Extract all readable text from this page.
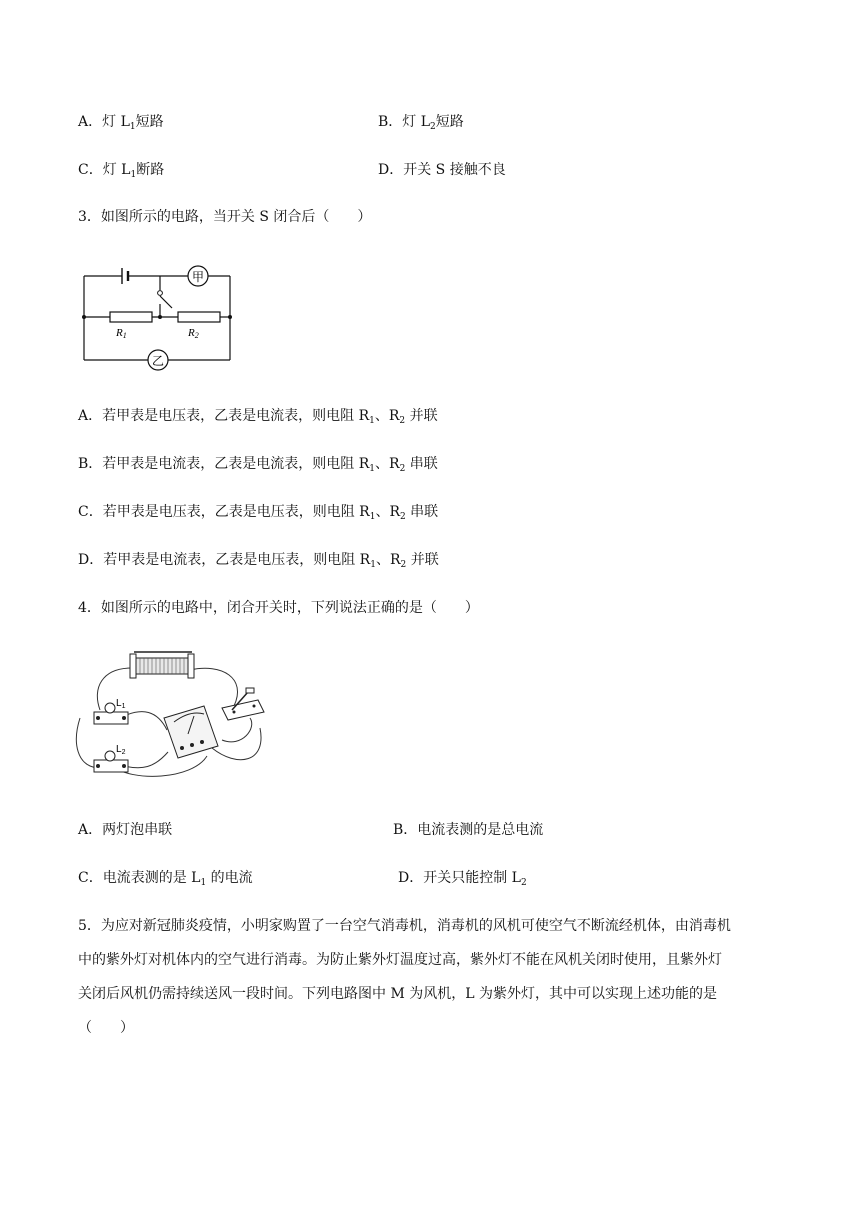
A．灯 $L_1$短路	B．灯 $L_2$短路
C．灯 $L_1$断路	D．开关 S 接触不良
3．如图所示的电路，当开关 S 闭合后（　　）
甲
乙
R1	R2
A．若甲表是电压表，乙表是电流表，则电阻 $R_1$、$R_2$ 并联
B．若甲表是电流表，乙表是电流表，则电阻 $R_1$、$R_2$ 串联
C．若甲表是电压表，乙表是电压表，则电阻 $R_1$、$R_2$ 串联
D．若甲表是电流表，乙表是电压表，则电阻 $R_1$、$R_2$ 并联
4．如图所示的电路中，闭合开关时，下列说法正确的是（　　）
$L_1$
$L_2$
A．两灯泡串联	B．电流表测的是总电流
C．电流表测的是 $L_1$ 的电流	D．开关只能控制 $L_2$
5．为应对新冠肺炎疫情，小明家购置了一台空气消毒机，消毒机的风机可使空气不断流经机体，由消毒机
中的紫外灯对机体内的空气进行消毒。为防止紫外灯温度过高，紫外灯不能在风机关闭时使用，且紫外灯
关闭后风机仍需持续送风一段时间。下列电路图中 M 为风机，L 为紫外灯，其中可以实现上述功能的是
（　　）
